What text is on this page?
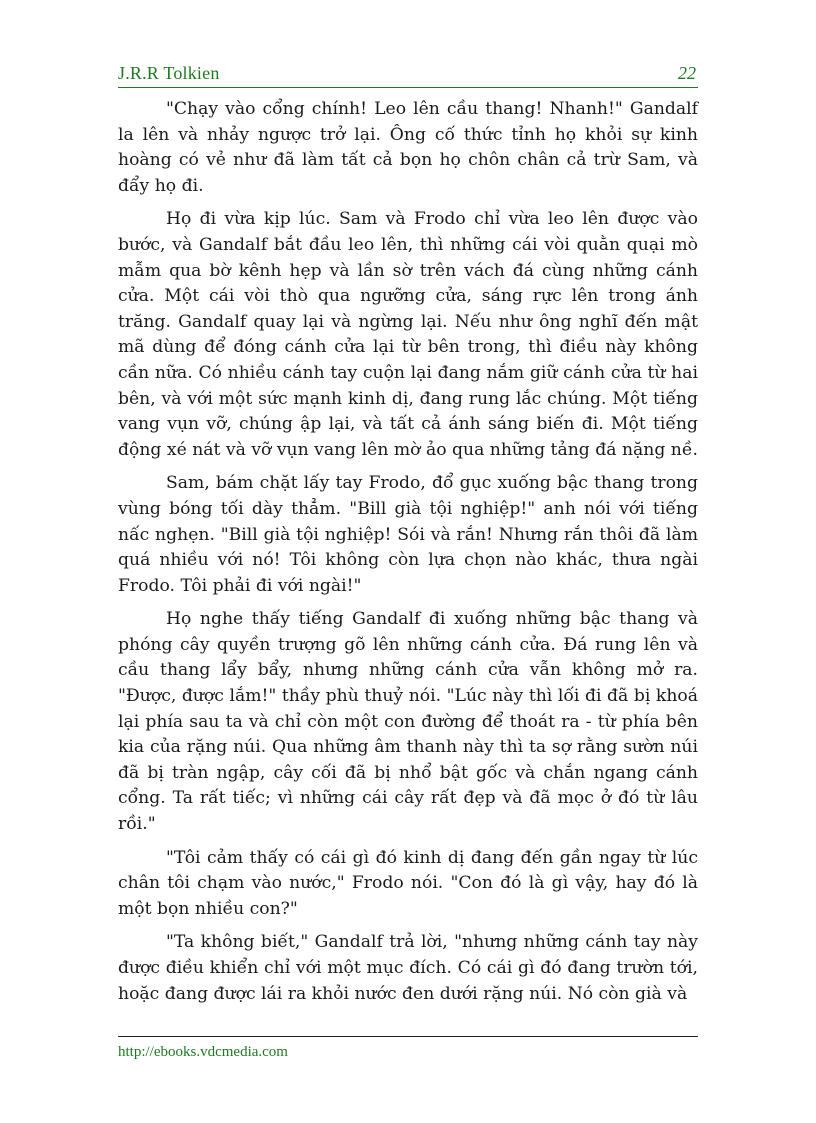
J.R.R Tolkien	22

"Chạy vào cổng chính! Leo lên cầu thang! Nhanh!" Gandalf la lên và nhảy ngược trở lại. Ông cố thức tỉnh họ khỏi sự kinh hoàng có vẻ như đã làm tất cả bọn họ chôn chân cả trừ Sam, và đẩy họ đi.

Họ đi vừa kịp lúc. Sam và Frodo chỉ vừa leo lên được vào bước, và Gandalf bắt đầu leo lên, thì những cái vòi quằn quại mò mẫm qua bờ kênh hẹp và lần sờ trên vách đá cùng những cánh cửa. Một cái vòi thò qua ngưỡng cửa, sáng rực lên trong ánh trăng. Gandalf quay lại và ngừng lại. Nếu như ông nghĩ đến mật mã dùng để đóng cánh cửa lại từ bên trong, thì điều này không cần nữa. Có nhiều cánh tay cuộn lại đang nắm giữ cánh cửa từ hai bên, và với một sức mạnh kinh dị, đang rung lắc chúng. Một tiếng vang vụn vỡ, chúng ập lại, và tất cả ánh sáng biến đi. Một tiếng động xé nát và vỡ vụn vang lên mờ ảo qua những tảng đá nặng nề.

Sam, bám chặt lấy tay Frodo, đổ gục xuống bậc thang trong vùng bóng tối dày thẳm. "Bill già tội nghiệp!" anh nói với tiếng nấc nghẹn. "Bill già tội nghiệp! Sói và rắn! Nhưng rắn thôi đã làm quá nhiều với nó! Tôi không còn lựa chọn nào khác, thưa ngài Frodo. Tôi phải đi với ngài!"

Họ nghe thấy tiếng Gandalf đi xuống những bậc thang và phóng cây quyền trượng gõ lên những cánh cửa. Đá rung lên và cầu thang lẩy bẩy, nhưng những cánh cửa vẫn không mở ra. "Được, được lắm!" thầy phù thuỷ nói. "Lúc này thì lối đi đã bị khoá lại phía sau ta và chỉ còn một con đường để thoát ra - từ phía bên kia của rặng núi. Qua những âm thanh này thì ta sợ rằng sườn núi đã bị tràn ngập, cây cối đã bị nhổ bật gốc và chắn ngang cánh cổng. Ta rất tiếc; vì những cái cây rất đẹp và đã mọc ở đó từ lâu rồi."

"Tôi cảm thấy có cái gì đó kinh dị đang đến gần ngay từ lúc chân tôi chạm vào nước," Frodo nói. "Con đó là gì vậy, hay đó là một bọn nhiều con?"

"Ta không biết," Gandalf trả lời, "nhưng những cánh tay này được điều khiển chỉ với một mục đích. Có cái gì đó đang trườn tới, hoặc đang được lái ra khỏi nước đen dưới rặng núi. Nó còn già và

http://ebooks.vdcmedia.com
